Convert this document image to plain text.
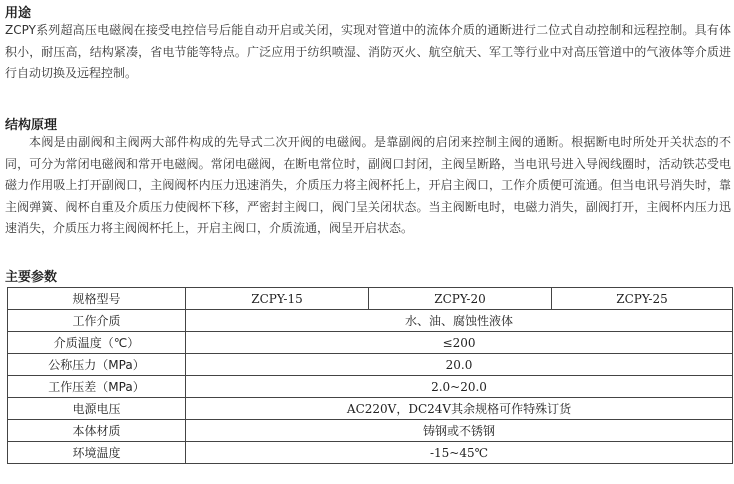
用途

ZCPY系列超高压电磁阀在接受电控信号后能自动开启或关闭，实现对管道中的流体介质的通断进行二位式自动控制和远程控制。具有体积小，耐压高，结构紧凑，省电节能等特点。广泛应用于纺织喷湿、消防灭火、航空航天、军工等行业中对高压管道中的气液体等介质进行自动切换及远程控制。

结构原理

本阀是由副阀和主阀两大部件构成的先导式二次开阀的电磁阀。是靠副阀的启闭来控制主阀的通断。根据断电时所处开关状态的不同，可分为常闭电磁阀和常开电磁阀。常闭电磁阀，在断电常位时，副阀口封闭，主阀呈断路，当电讯号进入导阀线圈时，活动铁芯受电磁力作用吸上打开副阀口，主阀阀杯内压力迅速消失，介质压力将主阀杯托上，开启主阀口，工作介质便可流通。但当电讯号消失时，靠主阀弹簧、阀杯自重及介质压力使阀杯下移，严密封主阀口，阀门呈关闭状态。当主阀断电时，电磁力消失，副阀打开，主阀杯内压力迅速消失，介质压力将主阀阀杯托上，开启主阀口，介质流通，阀呈开启状态。

主要参数
规格型号	ZCPY-15	ZCPY-20	ZCPY-25
工作介质	水、油、腐蚀性液体		
介质温度（℃）	≤200		
公称压力（MPa）	20.0		
工作压差（MPa）	2.0~20.0		
电源电压	AC220V，DC24V其余规格可作特殊订货		
本体材质	铸钢或不锈钢		
环境温度	-15~45℃		
